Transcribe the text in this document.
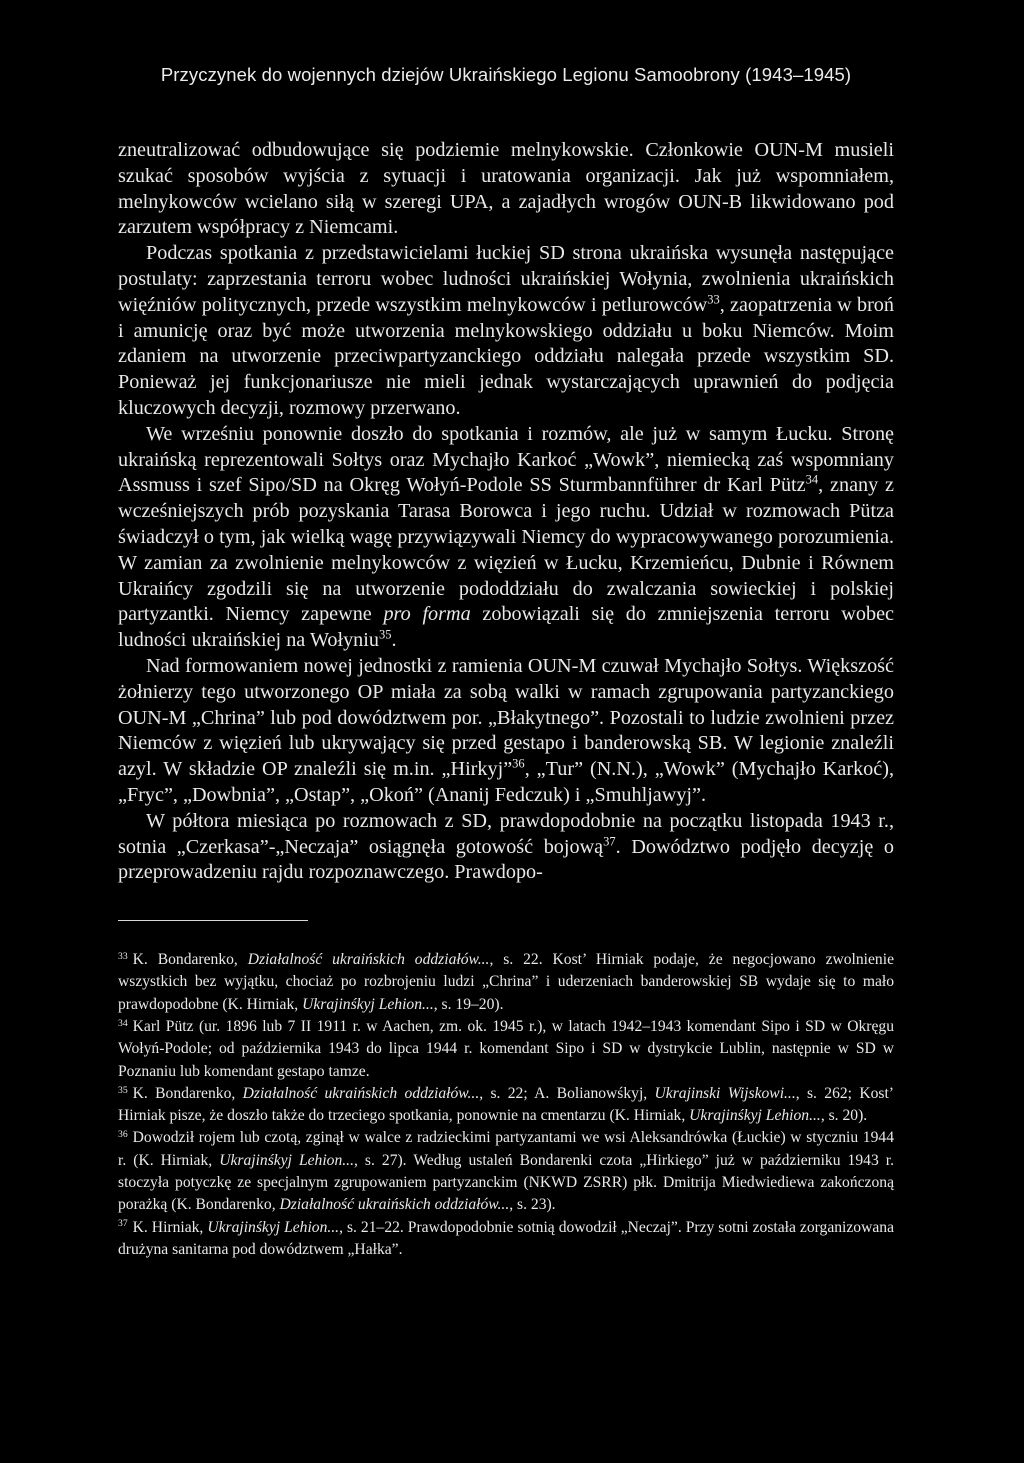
Przyczynek do wojennych dziejów Ukraińskiego Legionu Samoobrony (1943–1945)

zneutralizować odbudowujące się podziemie melnykowskie. Członkowie OUN-M musieli szukać sposobów wyjścia z sytuacji i uratowania organizacji. Jak już wspomniałem, melnykowców wcielano siłą w szeregi UPA, a zajadłych wrogów OUN-B likwidowano pod zarzutem współpracy z Niemcami.

Podczas spotkania z przedstawicielami łuckiej SD strona ukraińska wysunęła następujące postulaty: zaprzestania terroru wobec ludności ukraińskiej Wołynia, zwolnienia ukraińskich więźniów politycznych, przede wszystkim melnykowców i petlurowców$^{33}$, zaopatrzenia w broń i amunicję oraz być może utworzenia melnykowskiego oddziału u boku Niemców. Moim zdaniem na utworzenie przeciwpartyzanckiego oddziału nalegała przede wszystkim SD. Ponieważ jej funkcjonariusze nie mieli jednak wystarczających uprawnień do podjęcia kluczowych decyzji, rozmowy przerwano.

We wrześniu ponownie doszło do spotkania i rozmów, ale już w samym Łucku. Stronę ukraińską reprezentowali Sołtys oraz Mychajło Karkoć „Wowk”, niemiecką zaś wspomniany Assmuss i szef Sipo/SD na Okręg Wołyń-Podole SS Sturmbannführer dr Karl Pütz$^{34}$, znany z wcześniejszych prób pozyskania Tarasa Borowca i jego ruchu. Udział w rozmowach Pütza świadczył o tym, jak wielką wagę przywiązywali Niemcy do wypracowywanego porozumienia. W zamian za zwolnienie melnykowców z więzień w Łucku, Krzemieńcu, Dubnie i Równem Ukraińcy zgodzili się na utworzenie pododdziału do zwalczania sowieckiej i polskiej partyzantki. Niemcy zapewne pro forma zobowiązali się do zmniejszenia terroru wobec ludności ukraińskiej na Wołyniu$^{35}$.

Nad formowaniem nowej jednostki z ramienia OUN-M czuwał Mychajło Sołtys. Większość żołnierzy tego utworzonego OP miała za sobą walki w ramach zgrupowania partyzanckiego OUN-M „Chrina” lub pod dowództwem por. „Błakytnego”. Pozostali to ludzie zwolnieni przez Niemców z więzień lub ukrywający się przed gestapo i banderowską SB. W legionie znaleźli azyl. W składzie OP znaleźli się m.in. „Hirkyj”$^{36}$, „Tur” (N.N.), „Wowk” (Mychajło Karkoć), „Fryc”, „Dowbnia”, „Ostap”, „Okoń” (Ananij Fedczuk) i „Smuhljawyj”.

W półtora miesiąca po rozmowach z SD, prawdopodobnie na początku listopada 1943 r., sotnia „Czerkasa”-„Neczaja” osiągnęła gotowość bojową$^{37}$. Dowództwo podjęło decyzję o przeprowadzeniu rajdu rozpoznawczego. Prawdopo-

$^{33}$ K. Bondarenko, Działalność ukraińskich oddziałów..., s. 22. Kost’ Hirniak podaje, że negocjowano zwolnienie wszystkich bez wyjątku, chociaż po rozbrojeniu ludzi „Chrina” i uderzeniach banderowskiej SB wydaje się to mało prawdopodobne (K. Hirniak, Ukrajinśkyj Lehion..., s. 19–20).

$^{34}$ Karl Pütz (ur. 1896 lub 7 II 1911 r. w Aachen, zm. ok. 1945 r.), w latach 1942–1943 komendant Sipo i SD w Okręgu Wołyń-Podole; od października 1943 do lipca 1944 r. komendant Sipo i SD w dystrykcie Lublin, następnie w SD w Poznaniu lub komendant gestapo tamze.

$^{35}$ K. Bondarenko, Działalność ukraińskich oddziałów..., s. 22; A. Bolianowśkyj, Ukrajinski Wijskowi..., s. 262; Kost’ Hirniak pisze, że doszło także do trzeciego spotkania, ponownie na cmentarzu (K. Hirniak, Ukrajinśkyj Lehion..., s. 20).

$^{36}$ Dowodził rojem lub czotą, zginął w walce z radzieckimi partyzantami we wsi Aleksandrówka (Łuckie) w styczniu 1944 r. (K. Hirniak, Ukrajinśkyj Lehion..., s. 27). Według ustaleń Bondarenki czota „Hirkiego” już w październiku 1943 r. stoczyła potyczkę ze specjalnym zgrupowaniem partyzanckim (NKWD ZSRR) płk. Dmitrija Miedwiediewa zakończoną porażką (K. Bondarenko, Działalność ukraińskich oddziałów..., s. 23).

$^{37}$ K. Hirniak, Ukrajinśkyj Lehion..., s. 21–22. Prawdopodobnie sotnią dowodził „Neczaj”. Przy sotni została zorganizowana drużyna sanitarna pod dowództwem „Hałka”.
